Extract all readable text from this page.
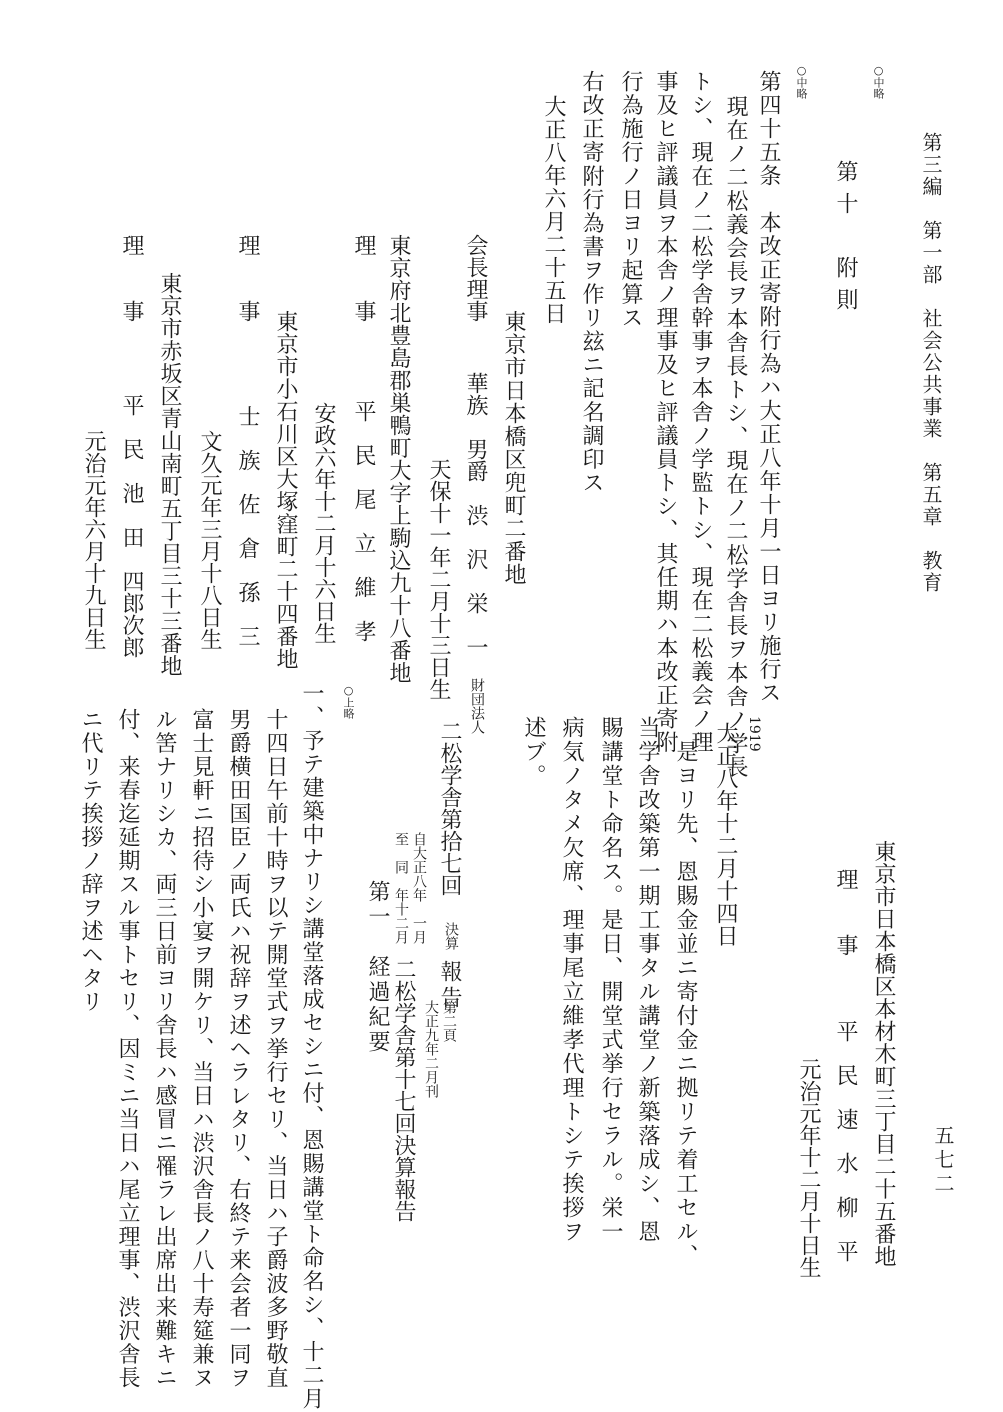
第三編　第一部　社会公共事業　第五章　教育
五七二
○中略
第十　附則
○中略
第四十五条　本改正寄附行為ハ大正八年十月一日ヨリ施行ス
現在ノ二松義会長ヲ本舎長トシ、現在ノ二松学舎長ヲ本舎ノ学長
トシ、現在ノ二松学舎幹事ヲ本舎ノ学監トシ、現在二松義会ノ理
事及ヒ評議員ヲ本舎ノ理事及ヒ評議員トシ、其任期ハ本改正寄附
行為施行ノ日ヨリ起算ス
右改正寄附行為書ヲ作リ玆ニ記名調印ス
大正八年六月二十五日
東京市日本橋区兜町二番地
会長理事
華族　男爵　渋　沢　栄　一
天保十一年二月十三日生
東京府北豊島郡巣鴨町大字上駒込九十八番地
理　　事
平　民　尾　立　維　孝
安政六年十二月十六日生
東京市小石川区大塚窪町二十四番地
理　　事
士　族　佐　倉　孫　三
文久元年三月十八日生
東京市赤坂区青山南町五丁目三十三番地
理　　事
平　民　池　田　四郎次郎
元治元年六月十九日生
東京市日本橋区本材木町三丁目二十五番地
理　　事
平　民　速　水　柳　平
元治元年十二月十日生
1919
大正八年十二月十四日
是ヨリ先、恩賜金並ニ寄付金ニ拠リテ着工セル、
当学舎改築第一期工事タル講堂ノ新築落成シ、恩
賜講堂ト命名ス。是日、開堂式挙行セラル。栄一
病気ノタメ欠席、理事尾立維孝代理トシテ挨拶ヲ
述ブ。
財団法人
二松学舎第拾七回
決算
報告
第二頁
大正九年二月刊
自大正八年　一月
至　同　年十二月
二松学舎第十七回決算報告
第一　経過紀要
○上略
一、予テ建築中ナリシ講堂落成セシニ付、恩賜講堂ト命名シ、十二月
十四日午前十時ヲ以テ開堂式ヲ挙行セリ、当日ハ子爵波多野敬直
男爵横田国臣ノ両氏ハ祝辞ヲ述ヘラレタリ、右終テ来会者一同ヲ
富士見軒ニ招待シ小宴ヲ開ケリ、当日ハ渋沢舎長ノ八十寿筵兼ヌ
ル筈ナリシカ、両三日前ヨリ舎長ハ感冒ニ罹ラレ出席出来難キニ
付、来春迄延期スル事トセリ、因ミニ当日ハ尾立理事、渋沢舎長
ニ代リテ挨拶ノ辞ヲ述ヘタリ
